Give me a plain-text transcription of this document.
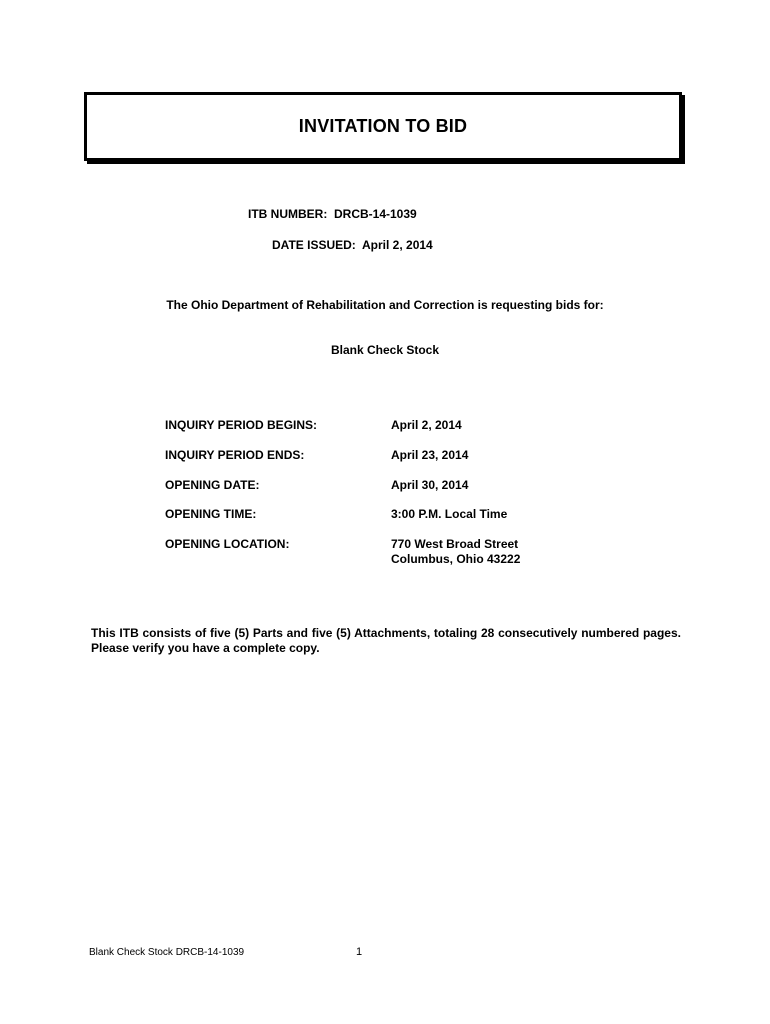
INVITATION TO BID
ITB NUMBER:  DRCB-14-1039
DATE ISSUED:  April 2, 2014
The Ohio Department of Rehabilitation and Correction is requesting bids for:
Blank Check Stock
INQUIRY PERIOD BEGINS:	April 2, 2014
INQUIRY PERIOD ENDS:	April 23, 2014
OPENING DATE:	April 30, 2014
OPENING TIME:	3:00 P.M. Local Time
OPENING LOCATION:	770 West Broad Street
Columbus, Ohio 43222
This ITB consists of five (5) Parts and five (5) Attachments, totaling 28 consecutively numbered pages. Please verify you have a complete copy.
Blank Check Stock DRCB-14-1039	1
